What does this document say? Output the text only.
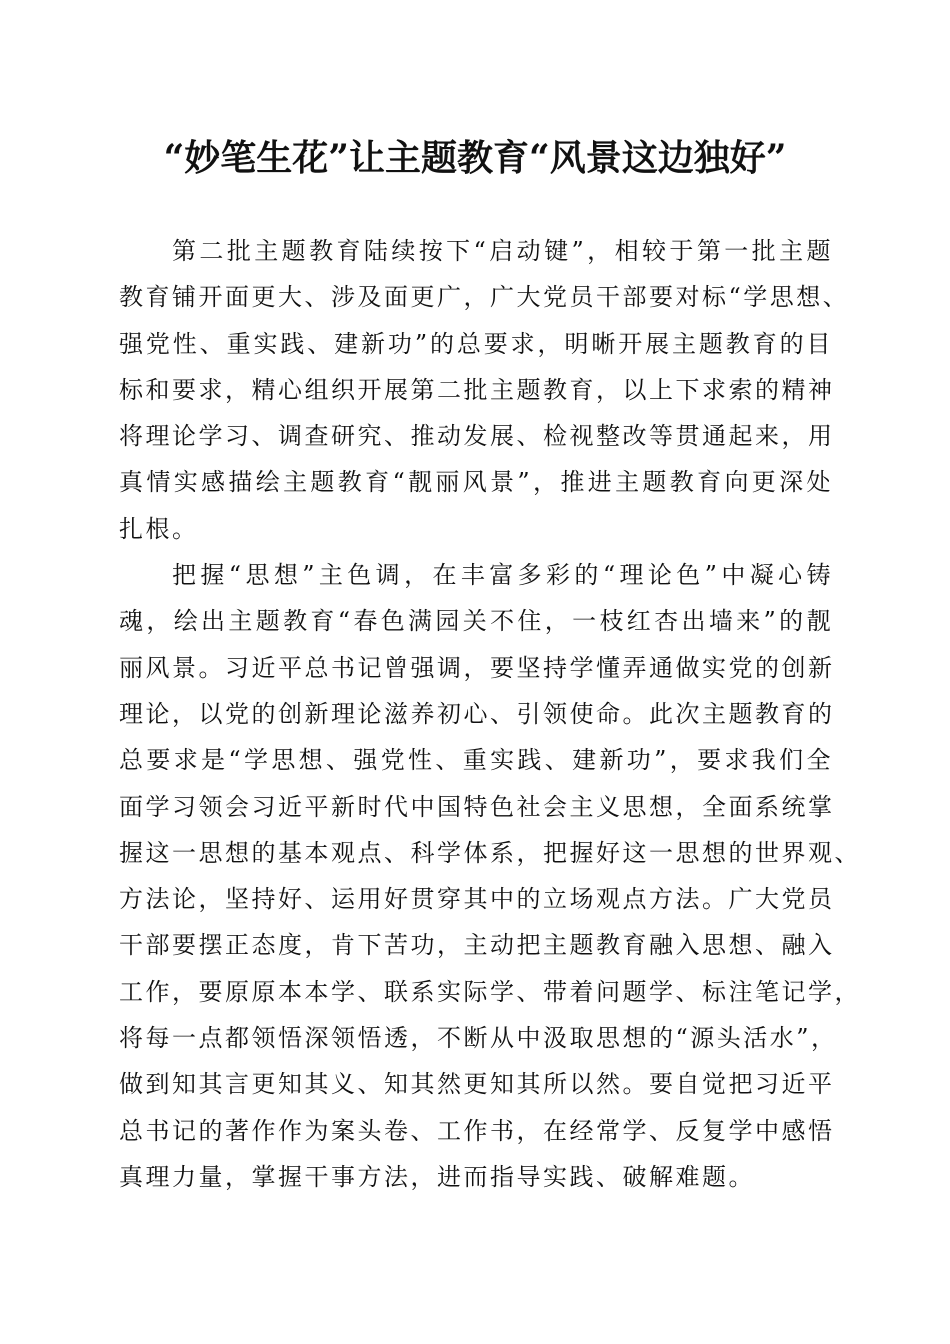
“妙笔生花”让主题教育“风景这边独好”
第二批主题教育陆续按下“启动键”，相较于第一批主题
教育铺开面更大、涉及面更广，广大党员干部要对标“学思想、
强党性、重实践、建新功”的总要求，明晰开展主题教育的目
标和要求，精心组织开展第二批主题教育，以上下求索的精神
将理论学习、调查研究、推动发展、检视整改等贯通起来，用
真情实感描绘主题教育“靓丽风景”，推进主题教育向更深处
扎根。
把握“思想”主色调，在丰富多彩的“理论色”中凝心铸
魂，绘出主题教育“春色满园关不住，一枝红杏出墙来”的靓
丽风景。习近平总书记曾强调，要坚持学懂弄通做实党的创新
理论，以党的创新理论滋养初心、引领使命。此次主题教育的
总要求是“学思想、强党性、重实践、建新功”，要求我们全
面学习领会习近平新时代中国特色社会主义思想，全面系统掌
握这一思想的基本观点、科学体系，把握好这一思想的世界观、
方法论，坚持好、运用好贯穿其中的立场观点方法。广大党员
干部要摆正态度，肯下苦功，主动把主题教育融入思想、融入
工作，要原原本本学、联系实际学、带着问题学、标注笔记学，
将每一点都领悟深领悟透，不断从中汲取思想的“源头活水”，
做到知其言更知其义、知其然更知其所以然。要自觉把习近平
总书记的著作作为案头卷、工作书，在经常学、反复学中感悟
真理力量，掌握干事方法，进而指导实践、破解难题。
